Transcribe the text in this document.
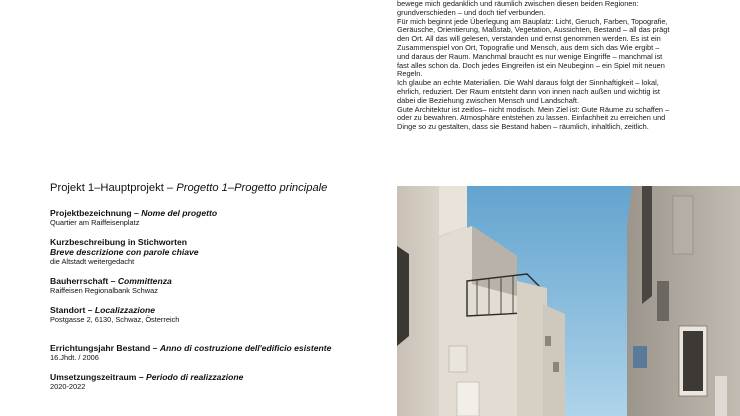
bewege mich gedanklich und räumlich zwischen diesen beiden Regionen:

grundverschieden – und doch tief verbunden.

Für mich beginnt jede Überlegung am Bauplatz: Licht, Geruch, Farben, Topografie,

Geräusche, Orientierung, Maßstab, Vegetation, Aussichten, Bestand – all das prägt

den Ort. All das will gelesen, verstanden und ernst genommen werden. Es ist ein

Zusammenspiel von Ort, Topografie und Mensch, aus dem sich das Wie ergibt –

und daraus der Raum. Manchmal braucht es nur wenige Eingriffe – manchmal ist

fast alles schon da. Doch jedes Eingreifen ist ein Neubeginn – ein Spiel mit neuen

Regeln.

Ich glaube an echte Materialien. Die Wahl daraus folgt der Sinnhaftigkeit – lokal,

ehrlich, reduziert. Der Raum entsteht dann von innen nach außen und wichtig ist

dabei die Beziehung zwischen Mensch und Landschaft.

Gute Architektur ist zeitlos– nicht modisch. Mein Ziel ist: Gute Räume zu schaffen –

oder zu bewahren. Atmosphäre entstehen zu lassen. Einfachheit zu erreichen und

Dinge so zu gestalten, dass sie Bestand haben – räumlich, inhaltlich, zeitlich.

Projekt 1–Hauptprojekt – Progetto 1–Progetto principale
Projektbezeichnung – Nome del progetto
Quartier am Raiffeisenplatz
Kurzbeschreibung in Stichworten
Breve descrizione con parole chiave
die Altstadt weitergedacht
Bauherrschaft – Committenza
Raiffeisen Regionalbank Schwaz
Standort – Localizzazione
Postgasse 2, 6130, Schwaz, Österreich
Errichtungsjahr Bestand – Anno di costruzione dell'edificio esistente
16.Jhdt. / 2006
Umsetzungszeitraum – Periodo di realizzazione
2020-2022
